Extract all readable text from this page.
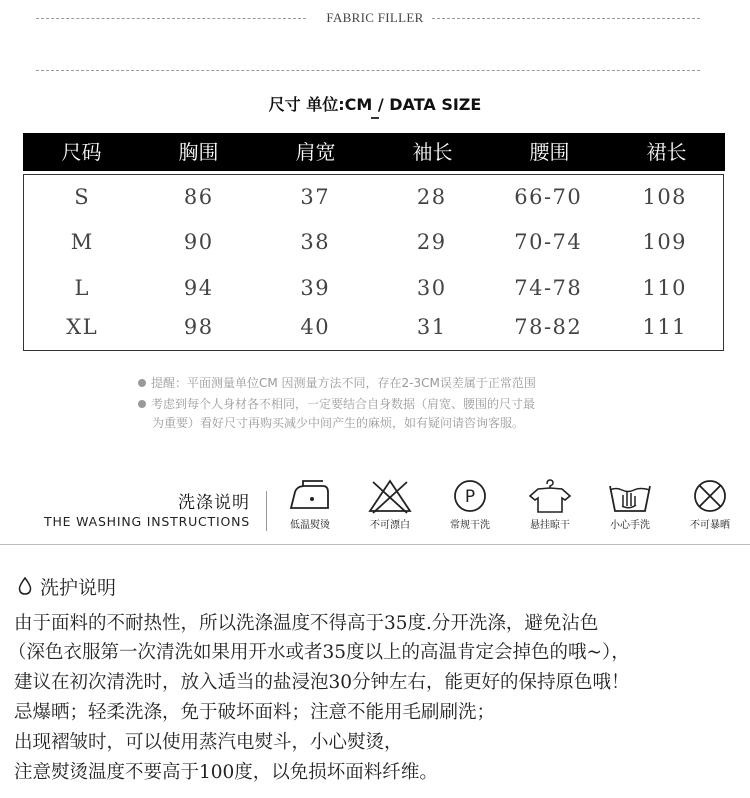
FABRIC FILLER
尺寸 单位:CM / DATA SIZE
尺码	胸围	肩宽	袖长	腰围	裙长
S	86	37	28	66-70	108
M	90	38	29	70-74	109
L	94	39	30	74-78	110
XL	98	40	31	78-82	111
提醒：平面测量单位CM 因测量方法不同，存在2-3CM误差属于正常范围
考虑到每个人身材各不相同，一定要结合自身数据（肩宽、腰围的尺寸最
为重要）看好尺寸再购买减少中间产生的麻烦，如有疑问请咨询客服。
洗涤说明
THE WASHING INSTRUCTIONS	低温熨烫	不可漂白
P
常规干洗	悬挂晾干	小心手洗	不可暴晒
洗护说明
由于面料的不耐热性，所以洗涤温度不得高于35度.分开洗涤，避免沾色
（深色衣服第一次清洗如果用开水或者35度以上的高温肯定会掉色的哦~），
建议在初次清洗时，放入适当的盐浸泡30分钟左右，能更好的保持原色哦！
忌爆晒；轻柔洗涤，免于破坏面料；注意不能用毛刷刷洗；
出现褶皱时，可以使用蒸汽电熨斗，小心熨烫，
注意熨烫温度不要高于100度，以免损坏面料纤维。
